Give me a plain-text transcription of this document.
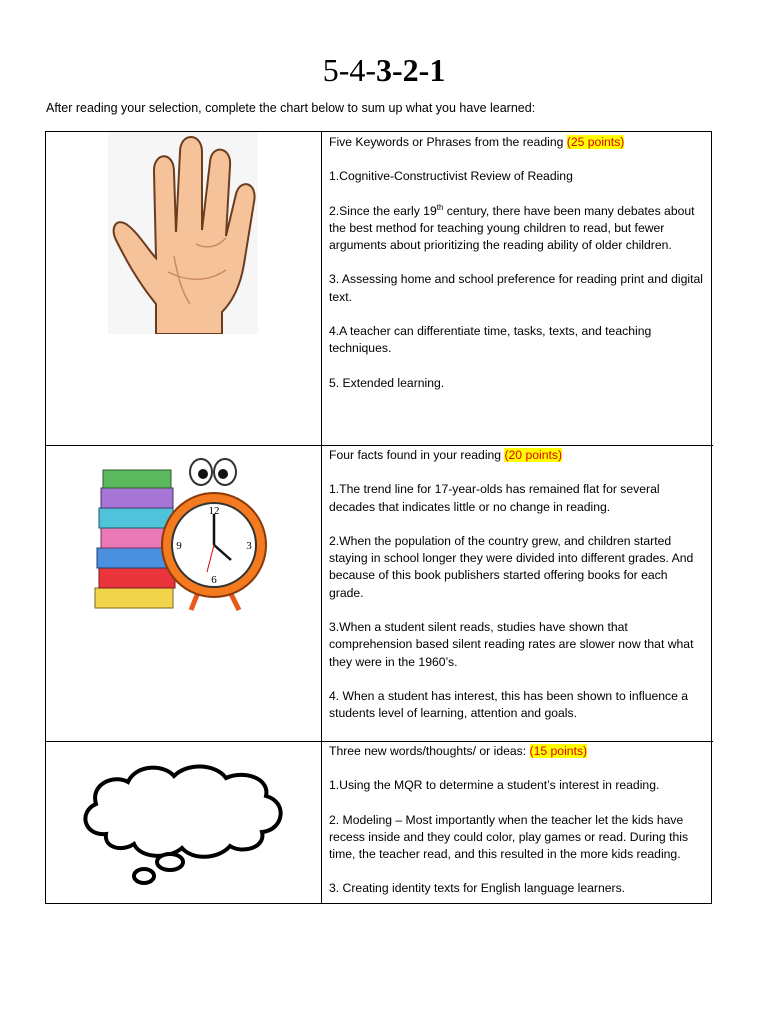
5-4-3-2-1
After reading your selection, complete the chart below to sum up what you have learned:
12
3
6
9

Five Keywords or Phrases from the reading (25 points)

1.Cognitive-Constructivist Review of Reading

2.Since the early 19th century, there have been many debates about the best method for teaching young children to read, but fewer arguments about prioritizing the reading ability of older children.

3. Assessing home and school preference for reading print and digital text.

4.A teacher can differentiate time, tasks, texts, and teaching techniques.

5. Extended learning.

Four facts found in your reading (20 points)

1.The trend line for 17-year-olds has remained flat for several decades that indicates little or no change in reading.

2.When the population of the country grew, and children started staying in school longer they were divided into different grades. And because of this book publishers started offering books for each grade.

3.When a student silent reads, studies have shown that comprehension based silent reading rates are slower now that what they were in the 1960’s.

4. When a student has interest, this has been shown to influence a students level of learning, attention and goals.

Three new words/thoughts/ or ideas: (15 points)

1.Using the MQR to determine a student’s interest in reading.

2. Modeling – Most importantly when the teacher let the kids have recess inside and they could color, play games or read. During this time, the teacher read, and this resulted in the more kids reading.

3. Creating identity texts for English language learners.
